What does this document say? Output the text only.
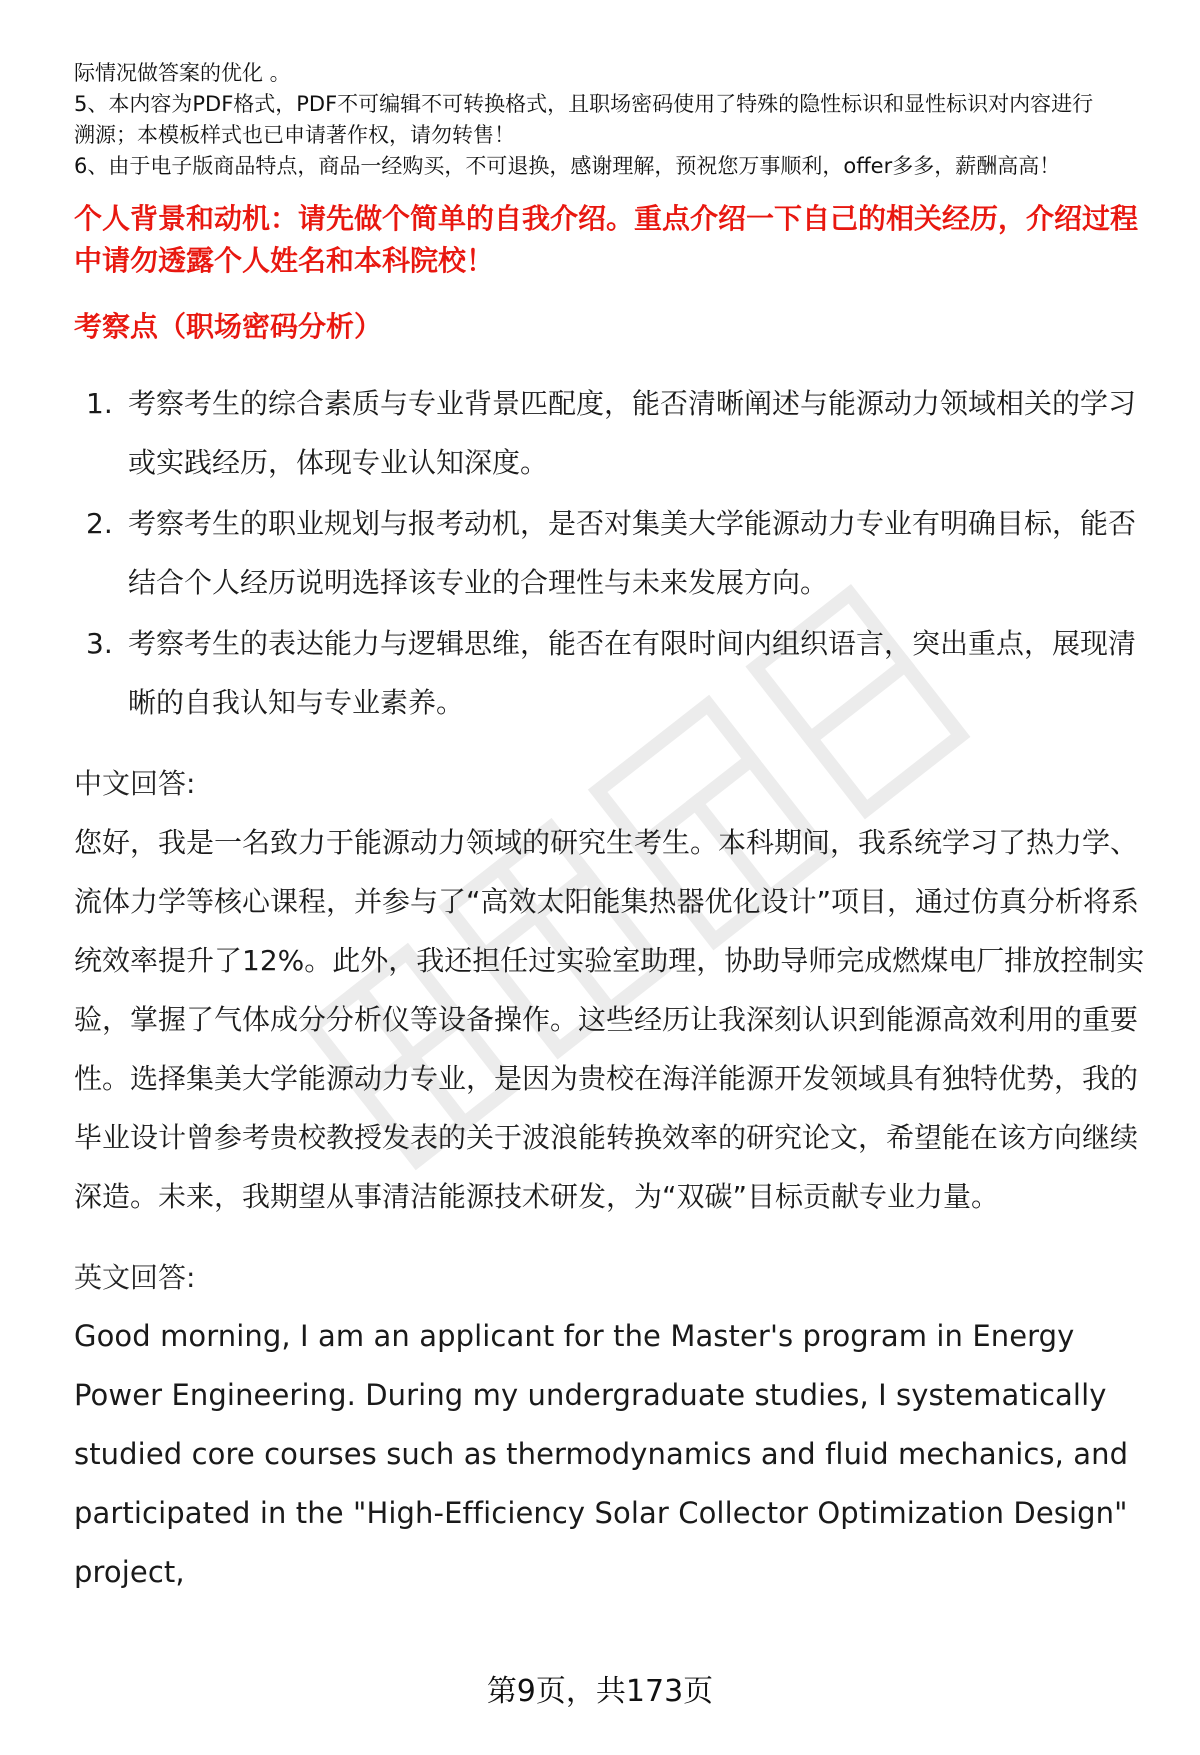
际情况做答案的优化 。

5、本内容为PDF格式，PDF不可编辑不可转换格式，且职场密码使用了特殊的隐性标识和显性标识对内容进行

溯源；本模板样式也已申请著作权，请勿转售！

6、由于电子版商品特点，商品一经购买，不可退换，感谢理解，预祝您万事顺利，offer多多，薪酬高高！

个人背景和动机：请先做个简单的自我介绍。重点介绍一下自己的相关经历，介绍过程中请勿透露个人姓名和本科院校！
考察点（职场密码分析）
1. 考察考生的综合素质与专业背景匹配度，能否清晰阐述与能源动力领域相关的学习或实践经历，体现专业认知深度。
2. 考察考生的职业规划与报考动机，是否对集美大学能源动力专业有明确目标，能否结合个人经历说明选择该专业的合理性与未来发展方向。
3. 考察考生的表达能力与逻辑思维，能否在有限时间内组织语言，突出重点，展现清晰的自我认知与专业素养。
中文回答:

您好，我是一名致力于能源动力领域的研究生考生。本科期间，我系统学习了热力学、流体力学等核心课程，并参与了“高效太阳能集热器优化设计”项目，通过仿真分析将系统效率提升了12%。此外，我还担任过实验室助理，协助导师完成燃煤电厂排放控制实验，掌握了气体成分分析仪等设备操作。这些经历让我深刻认识到能源高效利用的重要性。选择集美大学能源动力专业，是因为贵校在海洋能源开发领域具有独特优势，我的毕业设计曾参考贵校教授发表的关于波浪能转换效率的研究论文，希望能在该方向继续深造。未来，我期望从事清洁能源技术研发，为“双碳”目标贡献专业力量。

英文回答:

Good morning, I am an applicant for the Master's program in Energy Power Engineering. During my undergraduate studies, I systematically studied core courses such as thermodynamics and fluid mechanics, and participated in the "High-Efficiency Solar Collector Optimization Design" project,

第9页，共173页
